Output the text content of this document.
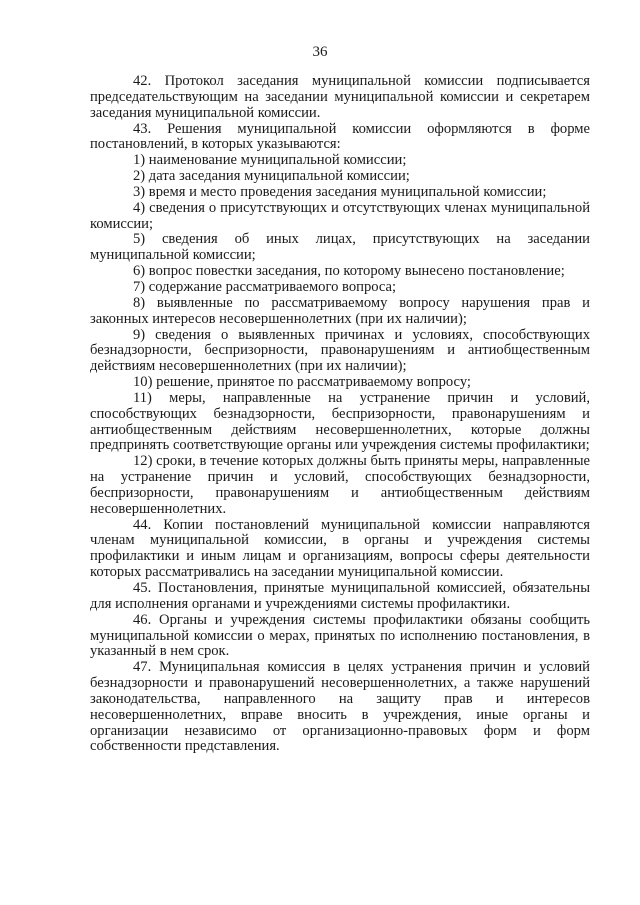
36

42. Протокол заседания муниципальной комиссии подписывается председательствующим на заседании муниципальной комиссии и секретарем заседания муниципальной комиссии.

43. Решения муниципальной комиссии оформляются в форме постановлений, в которых указываются:

1) наименование муниципальной комиссии;

2) дата заседания муниципальной комиссии;

3) время и место проведения заседания муниципальной комиссии;

4) сведения о присутствующих и отсутствующих членах муниципальной комиссии;

5) сведения об иных лицах, присутствующих на заседании муниципальной комиссии;

6) вопрос повестки заседания, по которому вынесено постановление;

7) содержание рассматриваемого вопроса;

8) выявленные по рассматриваемому вопросу нарушения прав и законных интересов несовершеннолетних (при их наличии);

9) сведения о выявленных причинах и условиях, способствующих безнадзорности, беспризорности, правонарушениям и антиобщественным действиям несовершеннолетних (при их наличии);

10) решение, принятое по рассматриваемому вопросу;

11) меры, направленные на устранение причин и условий, способствующих безнадзорности, беспризорности, правонарушениям и антиобщественным действиям несовершеннолетних, которые должны предпринять соответствующие органы или учреждения системы профилактики;

12) сроки, в течение которых должны быть приняты меры, направленные на устранение причин и условий, способствующих безнадзорности, беспризорности, правонарушениям и антиобщественным действиям несовершеннолетних.

44. Копии постановлений муниципальной комиссии направляются членам муниципальной комиссии, в органы и учреждения системы профилактики и иным лицам и организациям, вопросы сферы деятельности которых рассматривались на заседании муниципальной комиссии.

45. Постановления, принятые муниципальной комиссией, обязательны для исполнения органами и учреждениями системы профилактики.

46. Органы и учреждения системы профилактики обязаны сообщить муниципальной комиссии о мерах, принятых по исполнению постановления, в указанный в нем срок.

47. Муниципальная комиссия в целях устранения причин и условий безнадзорности и правонарушений несовершеннолетних, а также нарушений законодательства, направленного на защиту прав и интересов несовершеннолетних, вправе вносить в учреждения, иные органы и организации независимо от организационно-правовых форм и форм собственности представления.
